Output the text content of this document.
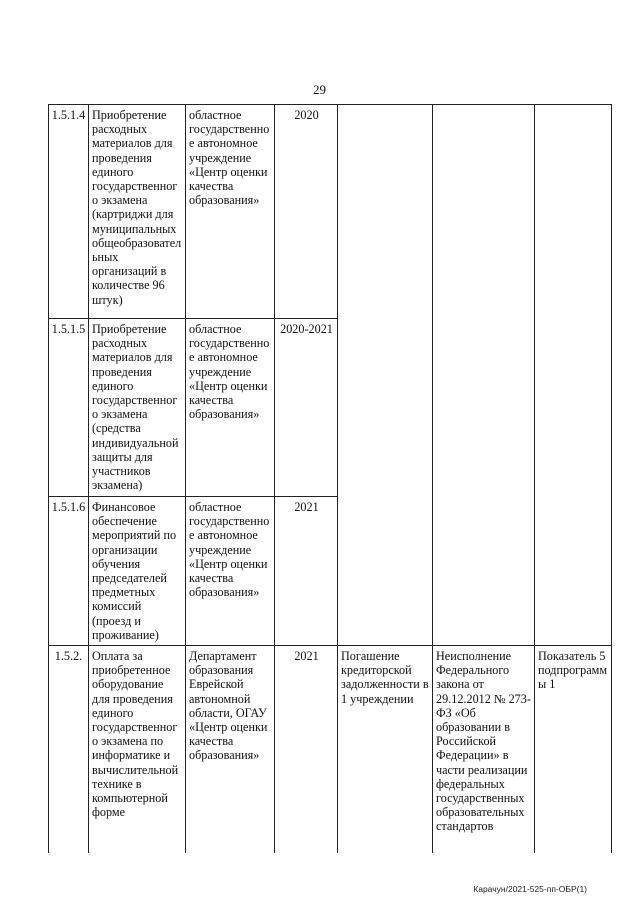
29
1.5.1.4	Приобретение расходных материалов для проведения единого государственного экзамена (картриджи для муниципальных общеобразовательных организаций в количестве 96 штук)	областное государственное автономное учреждение «Центр оценки качества образования»	2020			
1.5.1.5	Приобретение расходных материалов для проведения единого государственного экзамена (средства индивидуальной защиты для участников экзамена)	областное государственное автономное учреждение «Центр оценки качества образования»	2020-2021			
1.5.1.6	Финансовое обеспечение мероприятий по организации обучения председателей предметных комиссий (проезд и проживание)	областное государственное автономное учреждение «Центр оценки качества образования»	2021			
1.5.2.	Оплата за приобретенное оборудование для проведения единого государственного экзамена по информатике и вычислительной технике в компьютерной форме	Департамент образования Еврейской автономной области, ОГАУ «Центр оценки качества образования»	2021	Погашение кредиторской задолженности в 1 учреждении	Неисполнение Федерального закона от 29.12.2012 № 273-ФЗ «Об образовании в Российской Федерации» в части реализации федеральных государственных образовательных стандартов	Показатель 5 подпрограммы 1
Карачун/2021-525-пп-ОБР(1)
